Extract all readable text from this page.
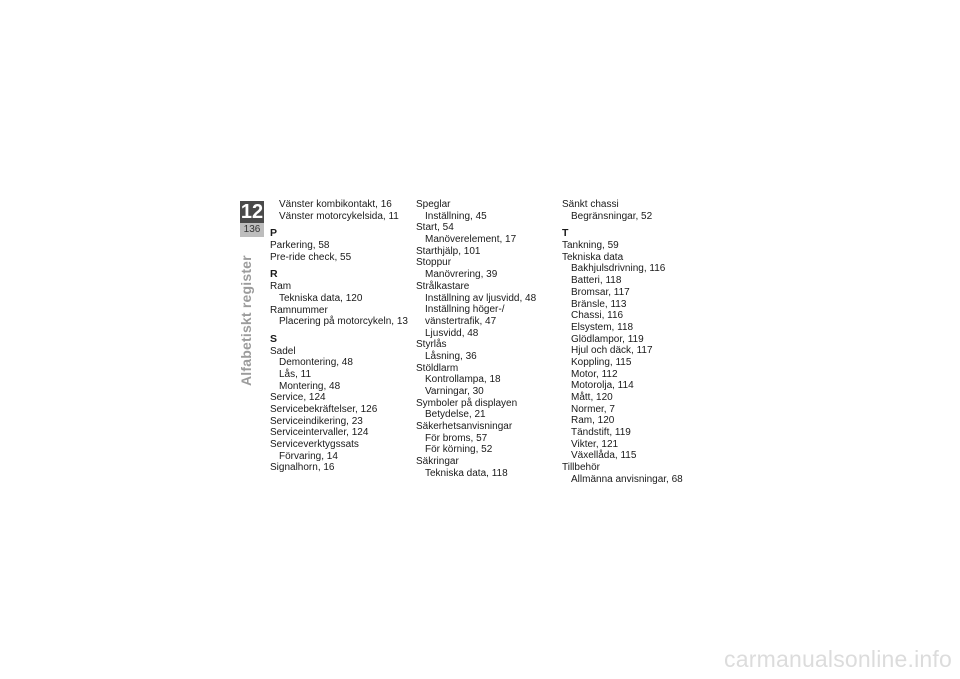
12
136
Alfabetiskt register
Vänster kombikontakt, 16
Vänster motorcykelsida, 11
P
Parkering, 58
Pre-ride check, 55
R
Ram
Tekniska data, 120
Ramnummer
Placering på motorcykeln, 13
S
Sadel
Demontering, 48
Lås, 11
Montering, 48
Service, 124
Servicebekräftelser, 126
Serviceindikering, 23
Serviceintervaller, 124
Serviceverktygssats
Förvaring, 14
Signalhorn, 16
Speglar
Inställning, 45
Start, 54
Manöverelement, 17
Starthjälp, 101
Stoppur
Manövrering, 39
Strålkastare
Inställning av ljusvidd, 48
Inställning höger-/
vänstertrafik, 47
Ljusvidd, 48
Styrlås
Låsning, 36
Stöldlarm
Kontrollampa, 18
Varningar, 30
Symboler på displayen
Betydelse, 21
Säkerhetsanvisningar
För broms, 57
För körning, 52
Säkringar
Tekniska data, 118
Sänkt chassi
Begränsningar, 52
T
Tankning, 59
Tekniska data
Bakhjulsdrivning, 116
Batteri, 118
Bromsar, 117
Bränsle, 113
Chassi, 116
Elsystem, 118
Glödlampor, 119
Hjul och däck, 117
Koppling, 115
Motor, 112
Motorolja, 114
Mått, 120
Normer, 7
Ram, 120
Tändstift, 119
Vikter, 121
Växellåda, 115
Tillbehör
Allmänna anvisningar, 68
carmanualsonline.info
